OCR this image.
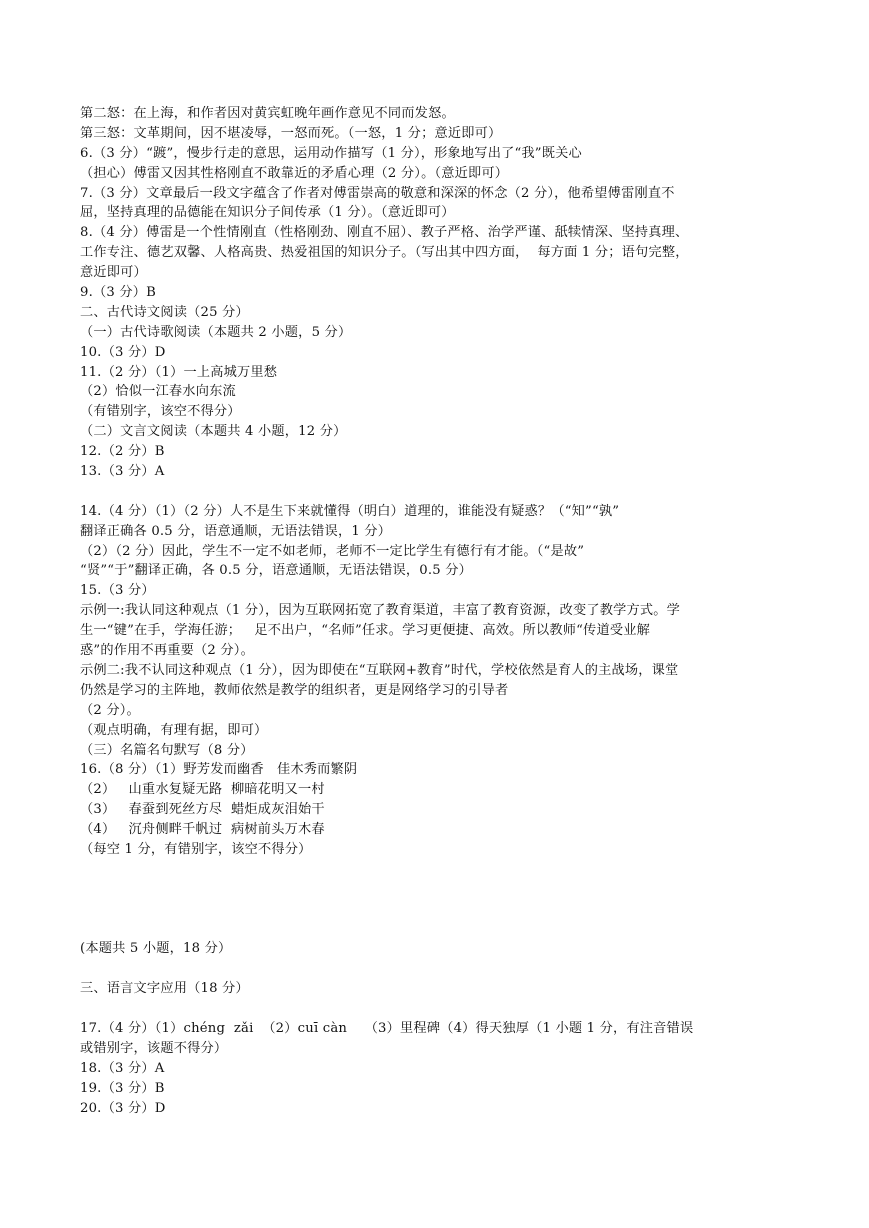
第二怒：在上海，和作者因对黄宾虹晚年画作意见不同而发怒。
第三怒：文革期间，因不堪凌辱，一怒而死。（一怒，1 分；意近即可）
6.（3 分）“踱”，慢步行走的意思，运用动作描写（1 分），形象地写出了“我”既关心
（担心）傅雷又因其性格刚直不敢靠近的矛盾心理（2 分）。（意近即可）
7.（3 分）文章最后一段文字蕴含了作者对傅雷崇高的敬意和深深的怀念（2 分），他希望傅雷刚直不
屈，坚持真理的品德能在知识分子间传承（1 分）。（意近即可）
8.（4 分）傅雷是一个性情刚直（性格刚劲、刚直不屈）、教子严格、治学严谨、舐犊情深、坚持真理、
工作专注、德艺双馨、人格高贵、热爱祖国的知识分子。（写出其中四方面，  每方面 1 分；语句完整，
意近即可）
9.（3 分）B
二、古代诗文阅读（25 分）
（一）古代诗歌阅读（本题共 2 小题，5 分）
10.（3 分）D
11.（2 分）（1）一上高城万里愁
（2）恰似一江春水向东流
（有错别字，该空不得分）
（二）文言文阅读（本题共 4 小题，12 分）
12.（2 分）B
13.（3 分）A
14.（4 分）（1）（2 分）人不是生下来就懂得（明白）道理的，谁能没有疑惑？（“知”“孰”
翻译正确各 0.5 分，语意通顺，无语法错误，1 分）
（2）（2 分）因此，学生不一定不如老师，老师不一定比学生有德行有才能。（“是故”
“贤”“于”翻译正确，各 0.5 分，语意通顺，无语法错误，0.5 分）
15.（3 分）
示例一:我认同这种观点（1 分），因为互联网拓宽了教育渠道，丰富了教育资源，改变了教学方式。学
生一“键”在手，学海任游；   足不出户，“名师”任求。学习更便捷、高效。所以教师“传道受业解
惑”的作用不再重要（2 分）。
示例二:我不认同这种观点（1 分），因为即使在“互联网+教育”时代，学校依然是育人的主战场，课堂
仍然是学习的主阵地，教师依然是教学的组织者，更是网络学习的引导者
（2 分）。
（观点明确，有理有据，即可）
（三）名篇名句默写（8 分）
16.（8 分）（1）野芳发而幽香   佳木秀而繁阴
（2）   山重水复疑无路  柳暗花明又一村
（3）   春蚕到死丝方尽  蜡炬成灰泪始干
（4）   沉舟侧畔千帆过  病树前头万木春
（每空 1 分，有错别字，该空不得分）
(本题共 5 小题，18 分）
三、语言文字应用（18 分）
17.（4 分）（1）chéng  zǎi  （2）cuī càn    （3）里程碑（4）得天独厚（1 小题 1 分，有注音错误
或错别字，该题不得分）
18.（3 分）A
19.（3 分）B
20.（3 分）D
